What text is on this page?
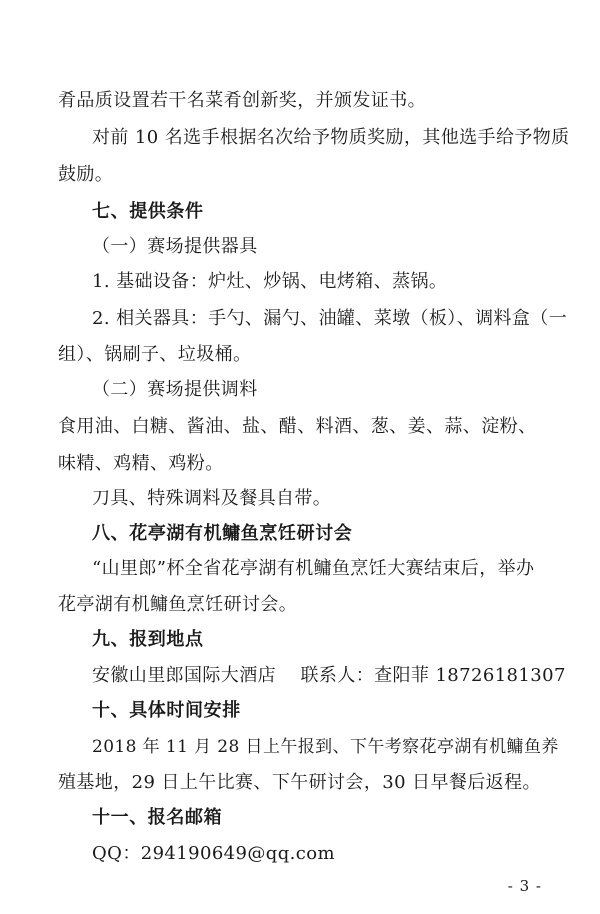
肴品质设置若干名菜肴创新奖，并颁发证书。
对前 10 名选手根据名次给予物质奖励，其他选手给予物质
鼓励。
七、提供条件
（一）赛场提供器具
1. 基础设备：炉灶、炒锅、电烤箱、蒸锅。
2. 相关器具：手勺、漏勺、油罐、菜墩（板）、调料盒（一
组）、锅刷子、垃圾桶。
（二）赛场提供调料
食用油、白糖、酱油、盐、醋、料酒、葱、姜、蒜、淀粉、
味精、鸡精、鸡粉。
刀具、特殊调料及餐具自带。
八、花亭湖有机鳙鱼烹饪研讨会
“山里郎”杯全省花亭湖有机鳙鱼烹饪大赛结束后，举办
花亭湖有机鳙鱼烹饪研讨会。
九、报到地点
安徽山里郎国际大酒店　 联系人：查阳菲 18726181307
十、具体时间安排
2018 年 11 月 28 日上午报到、下午考察花亭湖有机鳙鱼养
殖基地，29 日上午比赛、下午研讨会，30 日早餐后返程。
十一、报名邮箱
QQ：294190649@qq.com
- 3 -
